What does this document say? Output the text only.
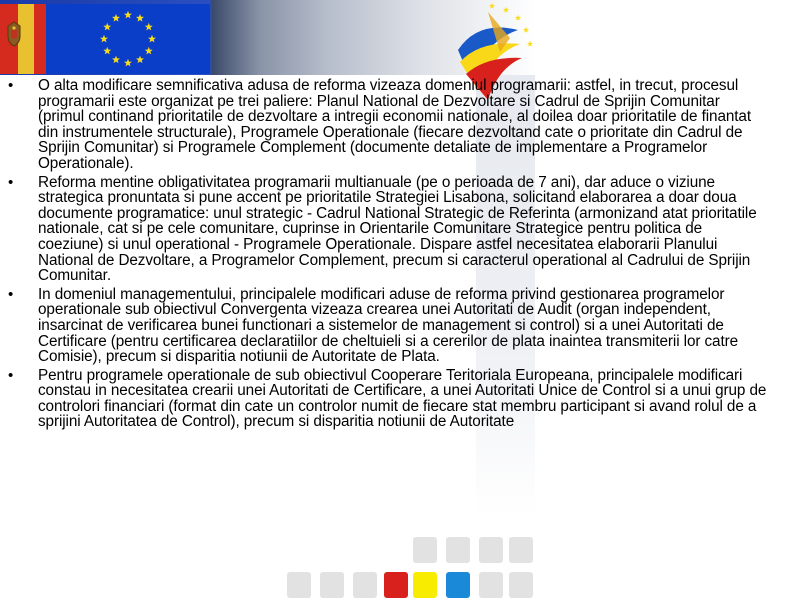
• O alta modificare semnificativa adusa de reforma vizeaza domeniul programarii: astfel, in trecut, procesul programarii este organizat pe trei paliere: Planul National de Dezvoltare si Cadrul de Sprijin Comunitar (primul continand prioritatile de dezvoltare a intregii economii nationale, al doilea doar prioritatile de finantat din instrumentele structurale), Programele Operationale (fiecare dezvoltand cate o prioritate din Cadrul de Sprijin Comunitar) si Programele Complement (documente detaliate de implementare a Programelor Operationale).
• Reforma mentine obligativitatea programarii multianuale (pe o perioada de 7 ani), dar aduce o viziune strategica pronuntata si pune accent pe prioritatile Strategiei Lisabona, solicitand elaborarea a doar doua documente programatice: unul strategic - Cadrul National Strategic de Referinta (armonizand atat prioritatile nationale, cat si pe cele comunitare, cuprinse in Orientarile Comunitare Strategice pentru politica de coeziune) si unul operational - Programele Operationale. Dispare astfel necesitatea elaborarii Planului National de Dezvoltare, a Programelor Complement, precum si caracterul operational al Cadrului de Sprijin Comunitar.
• In domeniul managementului, principalele modificari aduse de reforma privind gestionarea programelor operationale sub obiectivul Convergenta vizeaza crearea unei Autoritati de Audit (organ independent, insarcinat de verificarea bunei functionari a sistemelor de management si control) si a unei Autoritati de Certificare (pentru certificarea declaratiilor de cheltuieli si a cererilor de plata inaintea transmiterii lor catre Comisie), precum si disparitia notiunii de Autoritate de Plata.
• Pentru programele operationale de sub obiectivul Cooperare Teritoriala Europeana, principalele modificari constau in necesitatea crearii unei Autoritati de Certificare, a unei Autoritati Unice de Control si a unui grup de controlori financiari (format din cate un controlor numit de fiecare stat membru participant si avand rolul de a sprijini Autoritatea de Control), precum si disparitia notiunii de Autoritate
